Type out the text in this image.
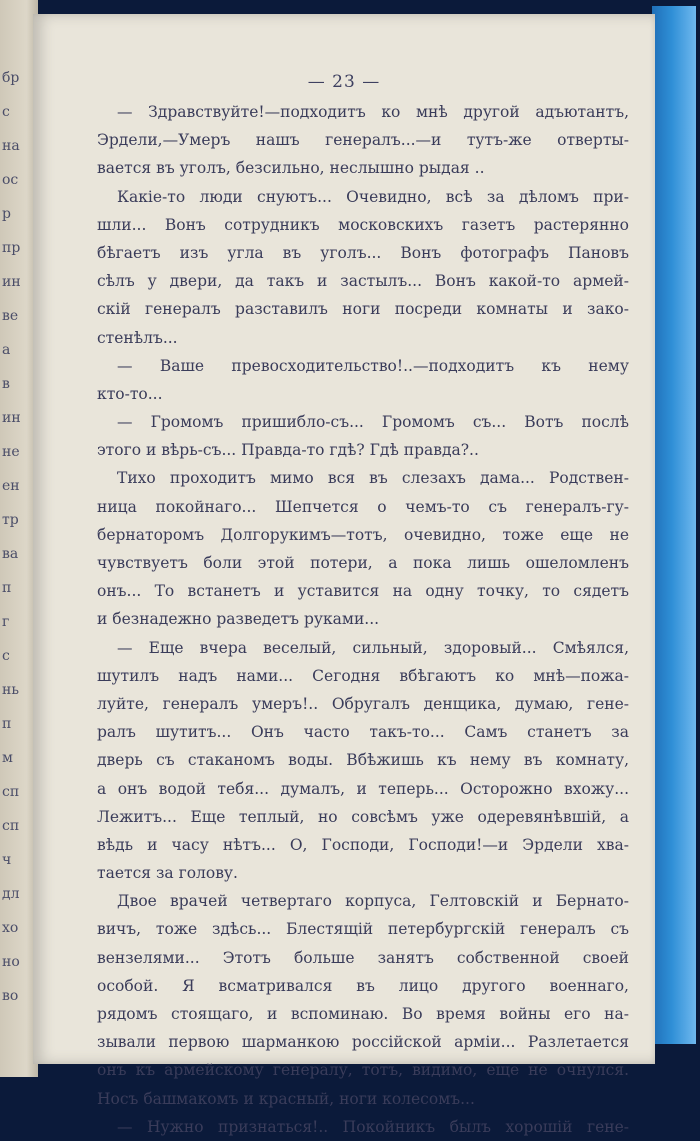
бр
с
на
ос
р
пр
ин
ве
а
в
ин
не
ен
тр
ва
п
г
с
нь
п
м
сп
сп
ч
дл
хо
но
во
— 23 —
— Здравствуйте!—подходитъ ко мнѣ другой адъютантъ,
Эрдели,—Умеръ нашъ генералъ...—и тутъ-же отверты-
вается въ уголъ, безсильно, неслышно рыдая ..
Какіе-то люди снуютъ... Очевидно, всѣ за дѣломъ при-
шли... Вонъ сотрудникъ московскихъ газетъ растерянно
бѣгаетъ изъ угла въ уголъ... Вонъ фотографъ Пановъ
сѣлъ у двери, да такъ и застылъ... Вонъ какой-то армей-
скій генералъ разставилъ ноги посреди комнаты и закo-
стенѣлъ...
— Ваше превосходительство!..—подходитъ къ нему
кто-то...
— Громомъ пришибло-съ... Громомъ съ... Вотъ послѣ
этого и вѣрь-съ... Правда-то гдѣ? Гдѣ правда?..
Тихо проходитъ мимо вся въ слезахъ дама... Родствен-
ница покойнаго... Шепчется о чемъ-то съ генералъ-гу-
бернаторомъ Долгорукимъ—тотъ, очевидно, тоже еще не
чувствуетъ боли этой потери, а пока лишь ошеломленъ
онъ... То встанетъ и уставится на одну точку, то сядетъ
и безнадежно разведетъ руками...
— Еще вчера веселый, сильный, здоровый... Смѣялся,
шутилъ надъ нами... Сегодня вбѣгаютъ ко мнѣ—пожа-
луйте, генералъ умеръ!.. Обругалъ денщика, думаю, гене-
ралъ шутитъ... Онъ часто такъ-то... Самъ станетъ за
дверь съ стаканомъ воды. Вбѣжишь къ нему въ комнату,
а онъ водой тебя... думалъ, и теперь... Осторожно вхожу...
Лежитъ... Еще теплый, но совсѣмъ уже одеревянѣвшій, а
вѣдь и часу нѣтъ... О, Господи, Господи!—и Эрдели хва-
тается за голову.
Двое врачей четвертаго корпуса, Гелтовскій и Бернато-
вичъ, тоже здѣсь... Блестящій петербургскій генералъ съ
вензелями... Этотъ больше занятъ собственной своей
особой. Я всматривался въ лицо другого военнаго,
рядомъ стоящаго, и вспоминаю. Во время войны его на-
зывали первою шарманкою россійской арміи... Разлетается
онъ къ армейскому генералу, тотъ, видимо, еще не очнулся.
Носъ башмакомъ и красный, ноги колесомъ...
— Нужно признаться!.. Покойникъ былъ хорошій гене-
